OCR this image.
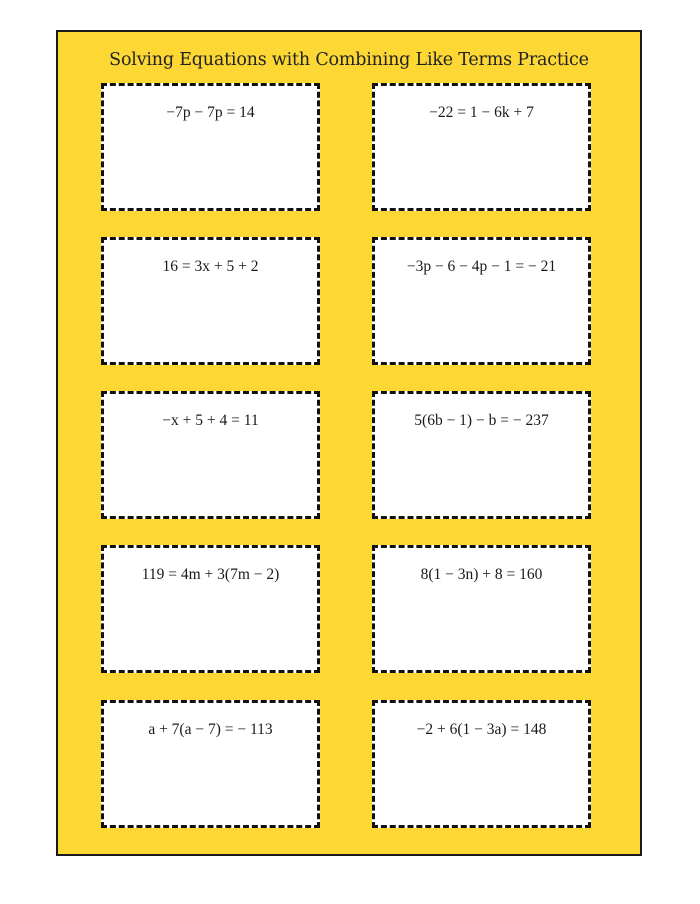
Solving Equations with Combining Like Terms Practice
−7p − 7p = 14	−22 = 1 − 6k + 7
16 = 3x + 5 + 2	−3p − 6 − 4p − 1 = − 21
−x + 5 + 4 = 11	5(6b − 1) − b = − 237
119 = 4m + 3(7m − 2)	8(1 − 3n) + 8 = 160
a + 7(a − 7) = − 113	−2 + 6(1 − 3a) = 148
